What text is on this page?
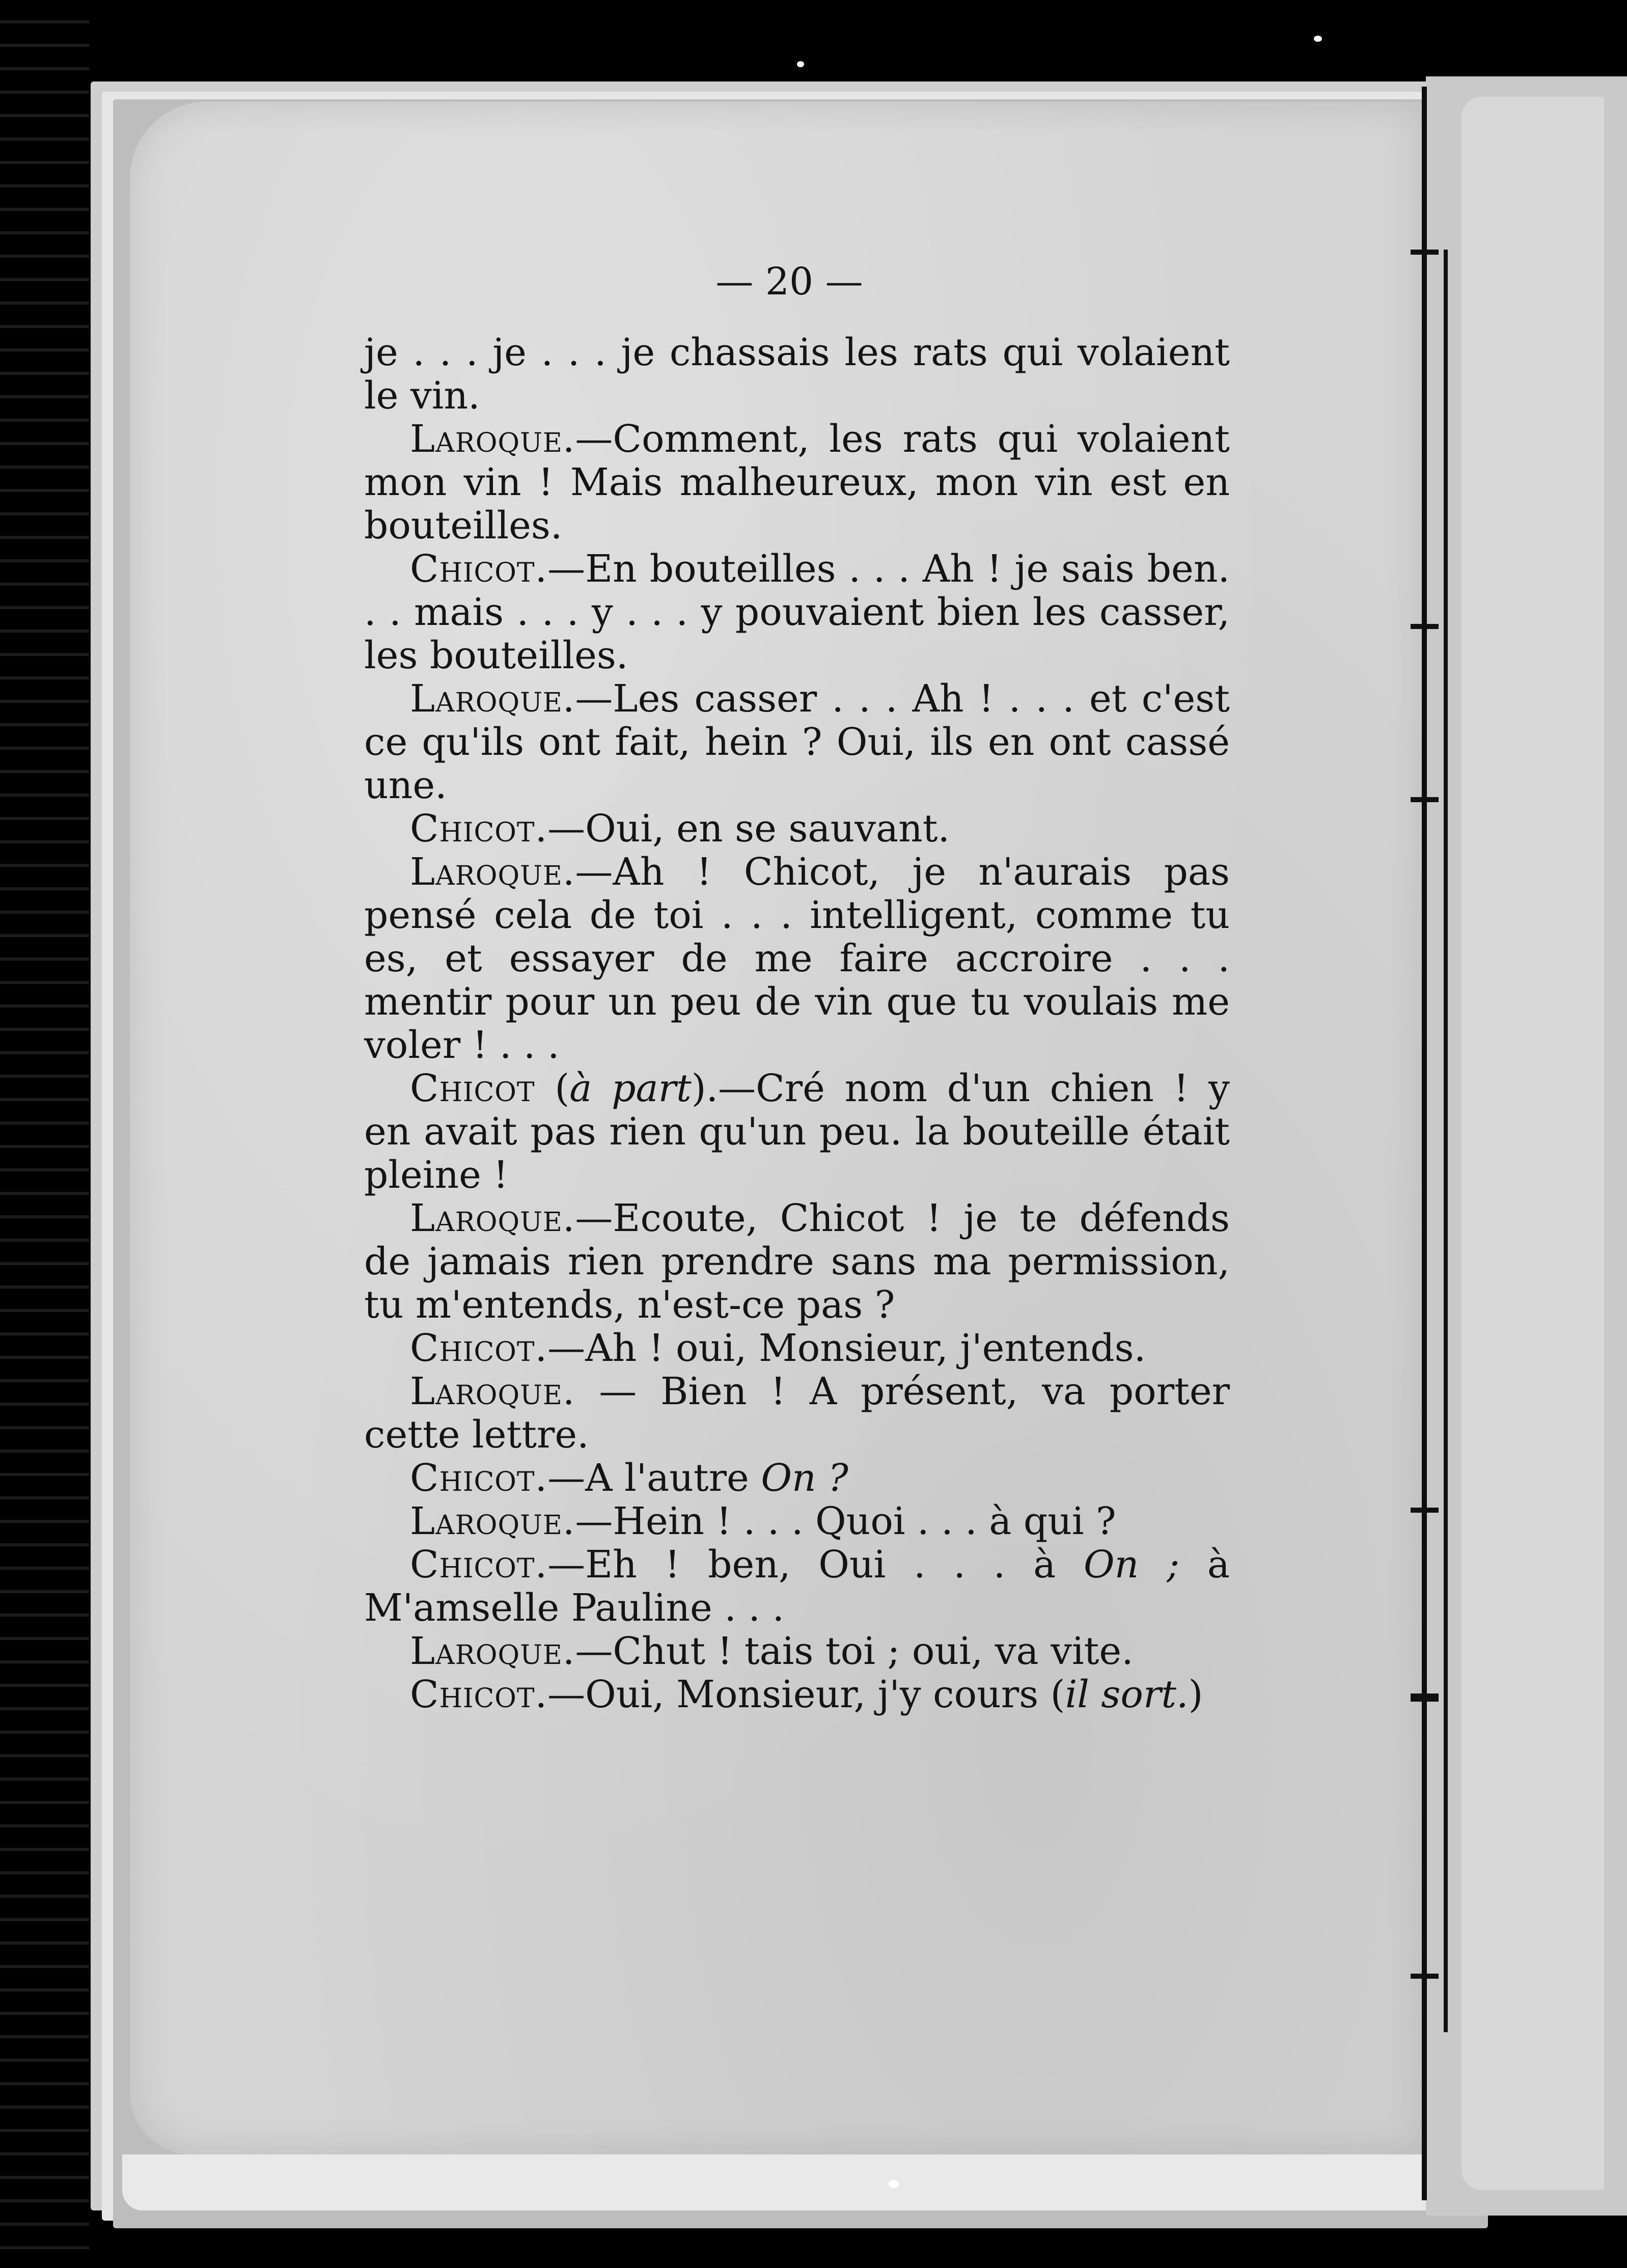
— 20 —

je . . . je . . . je chassais les rats qui volaient le vin.

Laroque.—Comment, les rats qui volaient mon vin ! Mais malheureux, mon vin est en bouteilles.

Chicot.—En bouteilles . . . Ah ! je sais ben. . . mais . . . y . . . y pouvaient bien les casser, les bouteilles.

Laroque.—Les casser . . . Ah ! . . . et c'est ce qu'ils ont fait, hein ? Oui, ils en ont cassé une.

Chicot.—Oui, en se sauvant.

Laroque.—Ah ! Chicot, je n'aurais pas pensé cela de toi . . . intelligent, comme tu es, et essayer de me faire accroire . . . mentir pour un peu de vin que tu voulais me voler ! . . .

Chicot (à part).—Cré nom d'un chien ! y en avait pas rien qu'un peu. la bouteille était pleine !

Laroque.—Ecoute, Chicot ! je te défends de jamais rien prendre sans ma permission, tu m'entends, n'est-ce pas ?

Chicot.—Ah ! oui, Monsieur, j'entends.

Laroque. — Bien ! A présent, va porter cette lettre.

Chicot.—A l'autre On ?

Laroque.—Hein ! . . . Quoi . . . à qui ?

Chicot.—Eh ! ben, Oui . . . à On ; à M'amselle Pauline . . .

Laroque.—Chut ! tais toi ; oui, va vite.

Chicot.—Oui, Monsieur, j'y cours (il sort.)
